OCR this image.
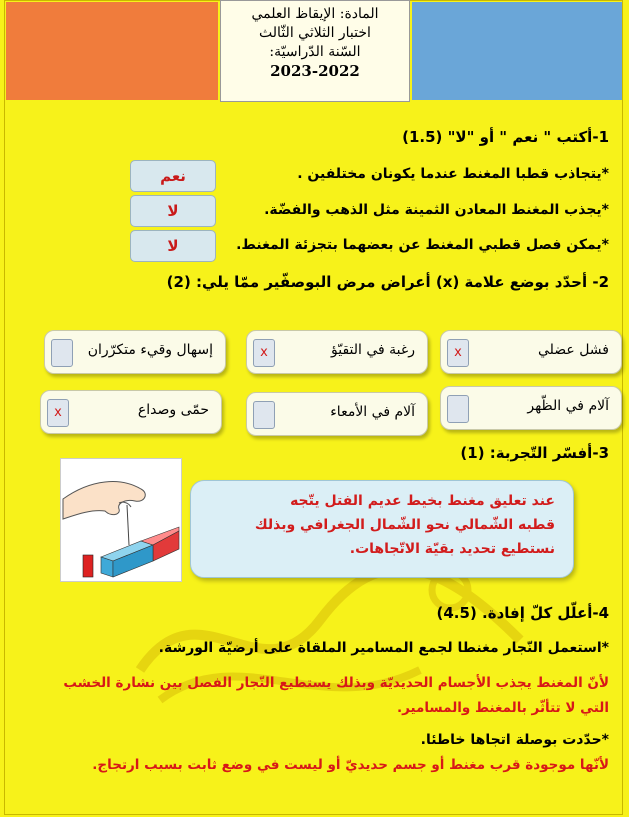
المادة: الإيقاظ العلمي
اختبار الثلاثي الثّالث
السّنة الدّراسيّة:
2023-2022
1-أكتب " نعم " أو "لا" (1.5)
نعم	*يتجاذب قطبا المغنط عندما يكونان مختلفين .
لا	*يجذب المغنط المعادن الثمينة مثل الذهب والفضّة.
لا	*يمكن فصل قطبي المغنط عن بعضهما بتجزئة المغنط.
2- أحدّد بوضع علامة (x) أعراض مرض البوصفّير ممّا يلي: (2)
فشل عضلي
x
رغبة في التقيّؤ
x
إسهال وقيء متكرّران
آلام في الظّهر
آلام في الأمعاء
حمّى وصداع
x
3-أفسّر التّجربة: (1)
عند تعليق مغنط بخيط عديم الفتل يتّجه
قطبه الشّمالي نحو الشّمال الجغرافي وبذلك
نستطيع تحديد بقيّة الاتّجاهات.
4-أعلّل كلّ إفادة. (4.5)
*استعمل النّجار مغنطا لجمع المسامير الملقاة على أرضيّة الورشة.
لأنّ المغنط يجذب الأجسام الحديديّة وبذلك يستطيع النّجار الفصل بين نشارة الخشب
التي لا تتأثّر بالمغنط والمسامير.
*حدّدت بوصلة اتجاها خاطئا.
لأنّها موجودة قرب مغنط أو جسم حديديّ أو ليست في وضع ثابت بسبب ارتجاج.
